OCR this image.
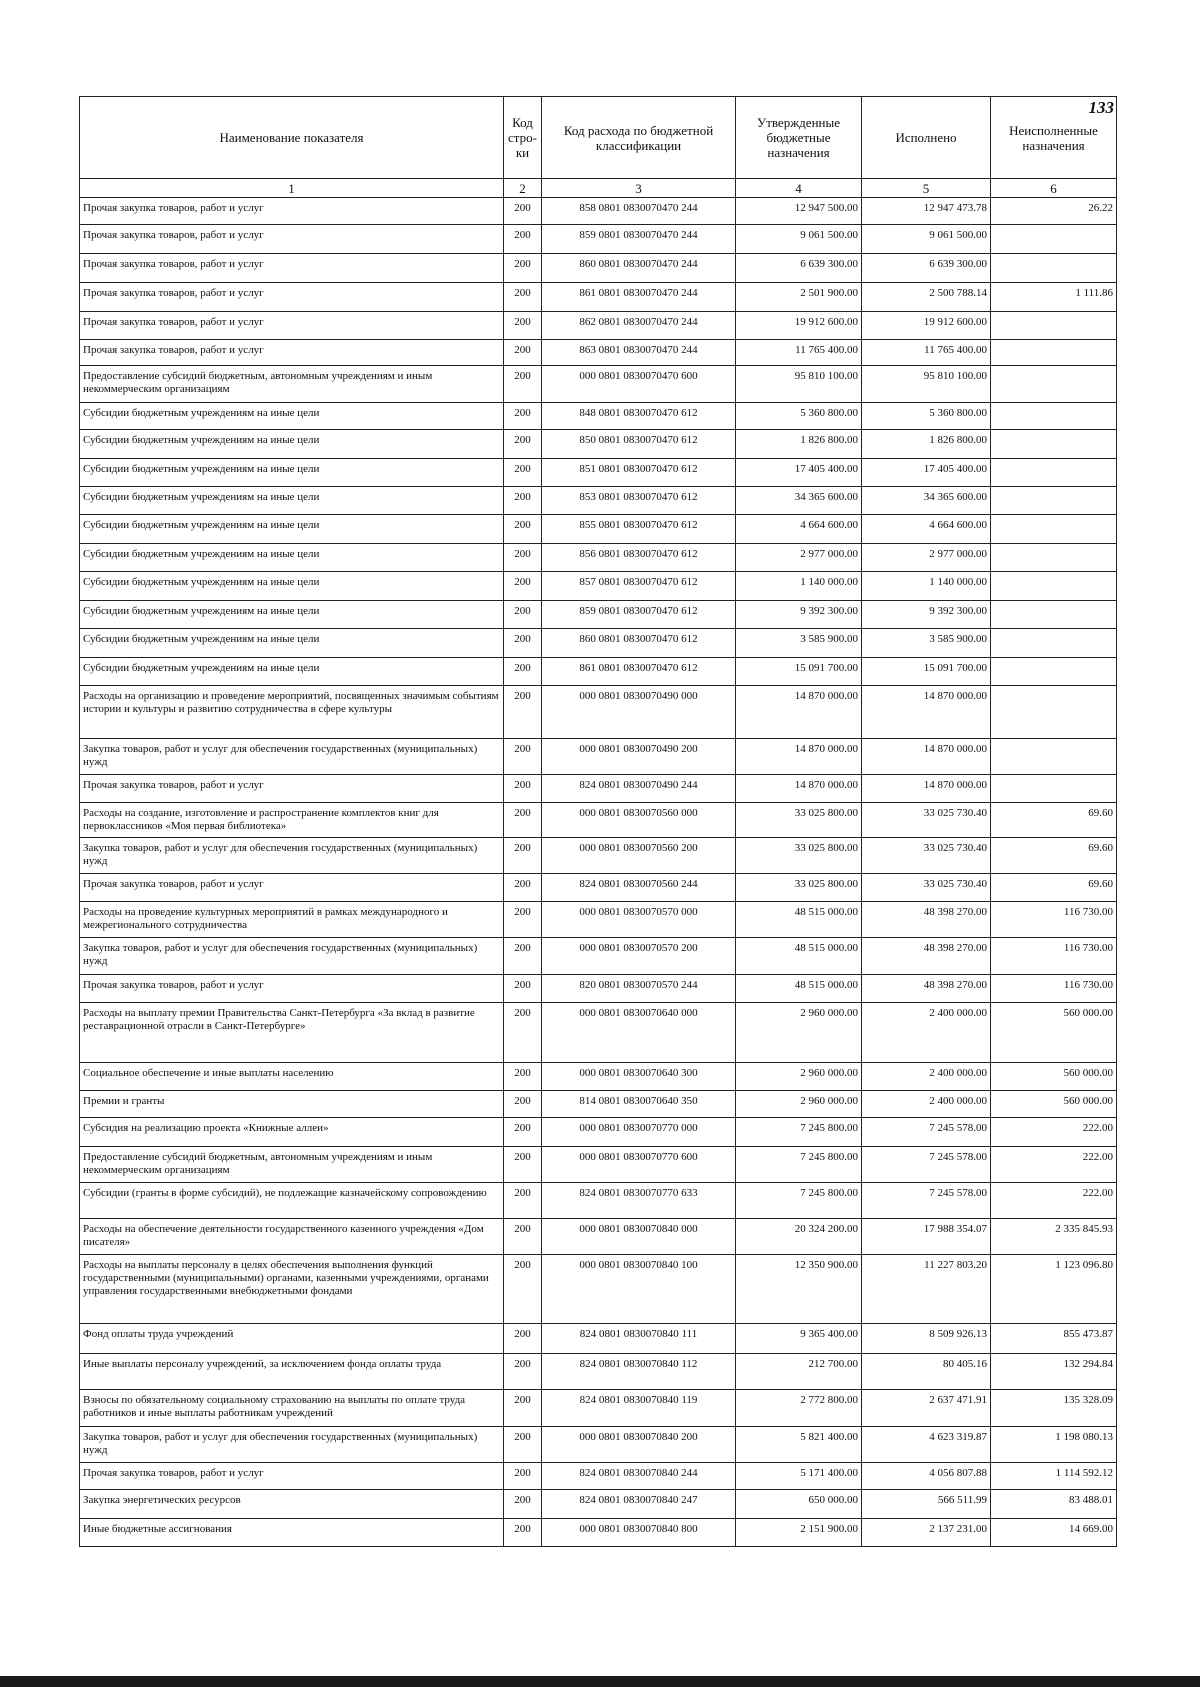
133
Наименование показателя	Код стро-ки	Код расхода по бюджетной классификации	Утвержденные бюджетные назначения	Исполнено	Неисполненные назначения
1	2	3	4	5	6
Прочая закупка товаров, работ и услуг	200	858 0801 0830070470 244	12 947 500.00	12 947 473.78	26.22
Прочая закупка товаров, работ и услуг	200	859 0801 0830070470 244	9 061 500.00	9 061 500.00	
Прочая закупка товаров, работ и услуг	200	860 0801 0830070470 244	6 639 300.00	6 639 300.00	
Прочая закупка товаров, работ и услуг	200	861 0801 0830070470 244	2 501 900.00	2 500 788.14	1 111.86
Прочая закупка товаров, работ и услуг	200	862 0801 0830070470 244	19 912 600.00	19 912 600.00	
Прочая закупка товаров, работ и услуг	200	863 0801 0830070470 244	11 765 400.00	11 765 400.00	
Предоставление субсидий бюджетным, автономным учреждениям и иным некоммерческим организациям	200	000 0801 0830070470 600	95 810 100.00	95 810 100.00	
Субсидии бюджетным учреждениям на иные цели	200	848 0801 0830070470 612	5 360 800.00	5 360 800.00	
Субсидии бюджетным учреждениям на иные цели	200	850 0801 0830070470 612	1 826 800.00	1 826 800.00	
Субсидии бюджетным учреждениям на иные цели	200	851 0801 0830070470 612	17 405 400.00	17 405 400.00	
Субсидии бюджетным учреждениям на иные цели	200	853 0801 0830070470 612	34 365 600.00	34 365 600.00	
Субсидии бюджетным учреждениям на иные цели	200	855 0801 0830070470 612	4 664 600.00	4 664 600.00	
Субсидии бюджетным учреждениям на иные цели	200	856 0801 0830070470 612	2 977 000.00	2 977 000.00	
Субсидии бюджетным учреждениям на иные цели	200	857 0801 0830070470 612	1 140 000.00	1 140 000.00	
Субсидии бюджетным учреждениям на иные цели	200	859 0801 0830070470 612	9 392 300.00	9 392 300.00	
Субсидии бюджетным учреждениям на иные цели	200	860 0801 0830070470 612	3 585 900.00	3 585 900.00	
Субсидии бюджетным учреждениям на иные цели	200	861 0801 0830070470 612	15 091 700.00	15 091 700.00	
Расходы на организацию и проведение мероприятий, посвященных значимым событиям истории и культуры и развитию сотрудничества в сфере культуры	200	000 0801 0830070490 000	14 870 000.00	14 870 000.00	
Закупка товаров, работ и услуг для обеспечения государственных (муниципальных) нужд	200	000 0801 0830070490 200	14 870 000.00	14 870 000.00	
Прочая закупка товаров, работ и услуг	200	824 0801 0830070490 244	14 870 000.00	14 870 000.00	
Расходы на создание, изготовление и распространение комплектов книг для первоклассников «Моя первая библиотека»	200	000 0801 0830070560 000	33 025 800.00	33 025 730.40	69.60
Закупка товаров, работ и услуг для обеспечения государственных (муниципальных) нужд	200	000 0801 0830070560 200	33 025 800.00	33 025 730.40	69.60
Прочая закупка товаров, работ и услуг	200	824 0801 0830070560 244	33 025 800.00	33 025 730.40	69.60
Расходы на проведение культурных мероприятий в рамках международного и межрегионального сотрудничества	200	000 0801 0830070570 000	48 515 000.00	48 398 270.00	116 730.00
Закупка товаров, работ и услуг для обеспечения государственных (муниципальных) нужд	200	000 0801 0830070570 200	48 515 000.00	48 398 270.00	116 730.00
Прочая закупка товаров, работ и услуг	200	820 0801 0830070570 244	48 515 000.00	48 398 270.00	116 730.00
Расходы на выплату премии Правительства Санкт-Петербурга «За вклад в развитие реставрационной отрасли в Санкт-Петербурге»	200	000 0801 0830070640 000	2 960 000.00	2 400 000.00	560 000.00
Социальное обеспечение и иные выплаты населению	200	000 0801 0830070640 300	2 960 000.00	2 400 000.00	560 000.00
Премии и гранты	200	814 0801 0830070640 350	2 960 000.00	2 400 000.00	560 000.00
Субсидия на реализацию проекта «Книжные аллеи»	200	000 0801 0830070770 000	7 245 800.00	7 245 578.00	222.00
Предоставление субсидий бюджетным, автономным учреждениям и иным некоммерческим организациям	200	000 0801 0830070770 600	7 245 800.00	7 245 578.00	222.00
Субсидии (гранты в форме субсидий), не подлежащие казначейскому сопровождению	200	824 0801 0830070770 633	7 245 800.00	7 245 578.00	222.00
Расходы на обеспечение деятельности государственного казенного учреждения «Дом писателя»	200	000 0801 0830070840 000	20 324 200.00	17 988 354.07	2 335 845.93
Расходы на выплаты персоналу в целях обеспечения выполнения функций государственными (муниципальными) органами, казенными учреждениями, органами управления государственными внебюджетными фондами	200	000 0801 0830070840 100	12 350 900.00	11 227 803.20	1 123 096.80
Фонд оплаты труда учреждений	200	824 0801 0830070840 111	9 365 400.00	8 509 926.13	855 473.87
Иные выплаты персоналу учреждений, за исключением фонда оплаты труда	200	824 0801 0830070840 112	212 700.00	80 405.16	132 294.84
Взносы по обязательному социальному страхованию на выплаты по оплате труда работников и иные выплаты работникам учреждений	200	824 0801 0830070840 119	2 772 800.00	2 637 471.91	135 328.09
Закупка товаров, работ и услуг для обеспечения государственных (муниципальных) нужд	200	000 0801 0830070840 200	5 821 400.00	4 623 319.87	1 198 080.13
Прочая закупка товаров, работ и услуг	200	824 0801 0830070840 244	5 171 400.00	4 056 807.88	1 114 592.12
Закупка энергетических ресурсов	200	824 0801 0830070840 247	650 000.00	566 511.99	83 488.01
Иные бюджетные ассигнования	200	000 0801 0830070840 800	2 151 900.00	2 137 231.00	14 669.00
